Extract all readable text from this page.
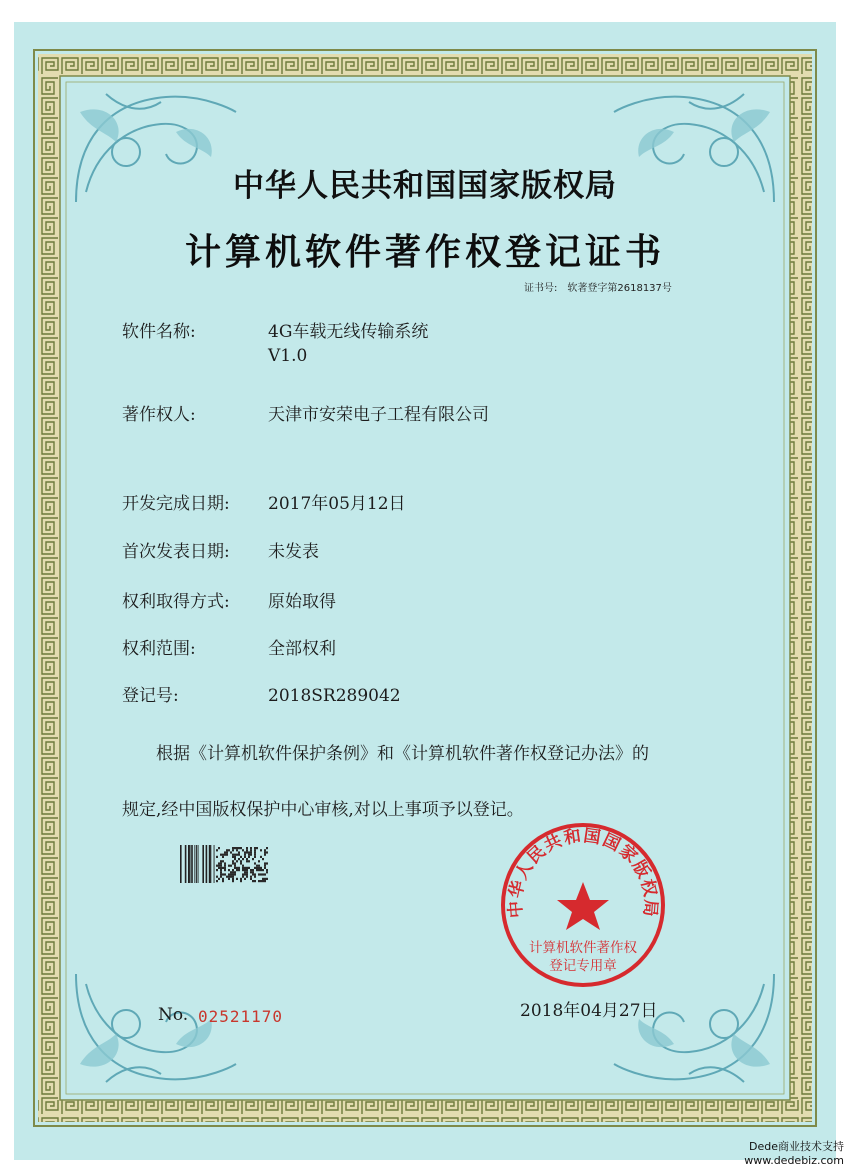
中华人民共和国国家版权局
计算机软件著作权登记证书
证书号: 软著登字第2618137号
软件名称:	4G车载无线传输系统
V1.0
著作权人:	天津市安荣电子工程有限公司
开发完成日期: 2017年05月12日
首次发表日期: 未发表
权利取得方式: 原始取得
权利范围:	全部权利
登记号:	2018SR289042
根据《计算机软件保护条例》和《计算机软件著作权登记办法》的
规定,经中国版权保护中心审核,对以上事项予以登记。
中华人民共和国国家版权局
计算机软件著作权
登记专用章
2018年04月27日
No. 02521170
Dede商业技术支持
www.dedebiz.com
